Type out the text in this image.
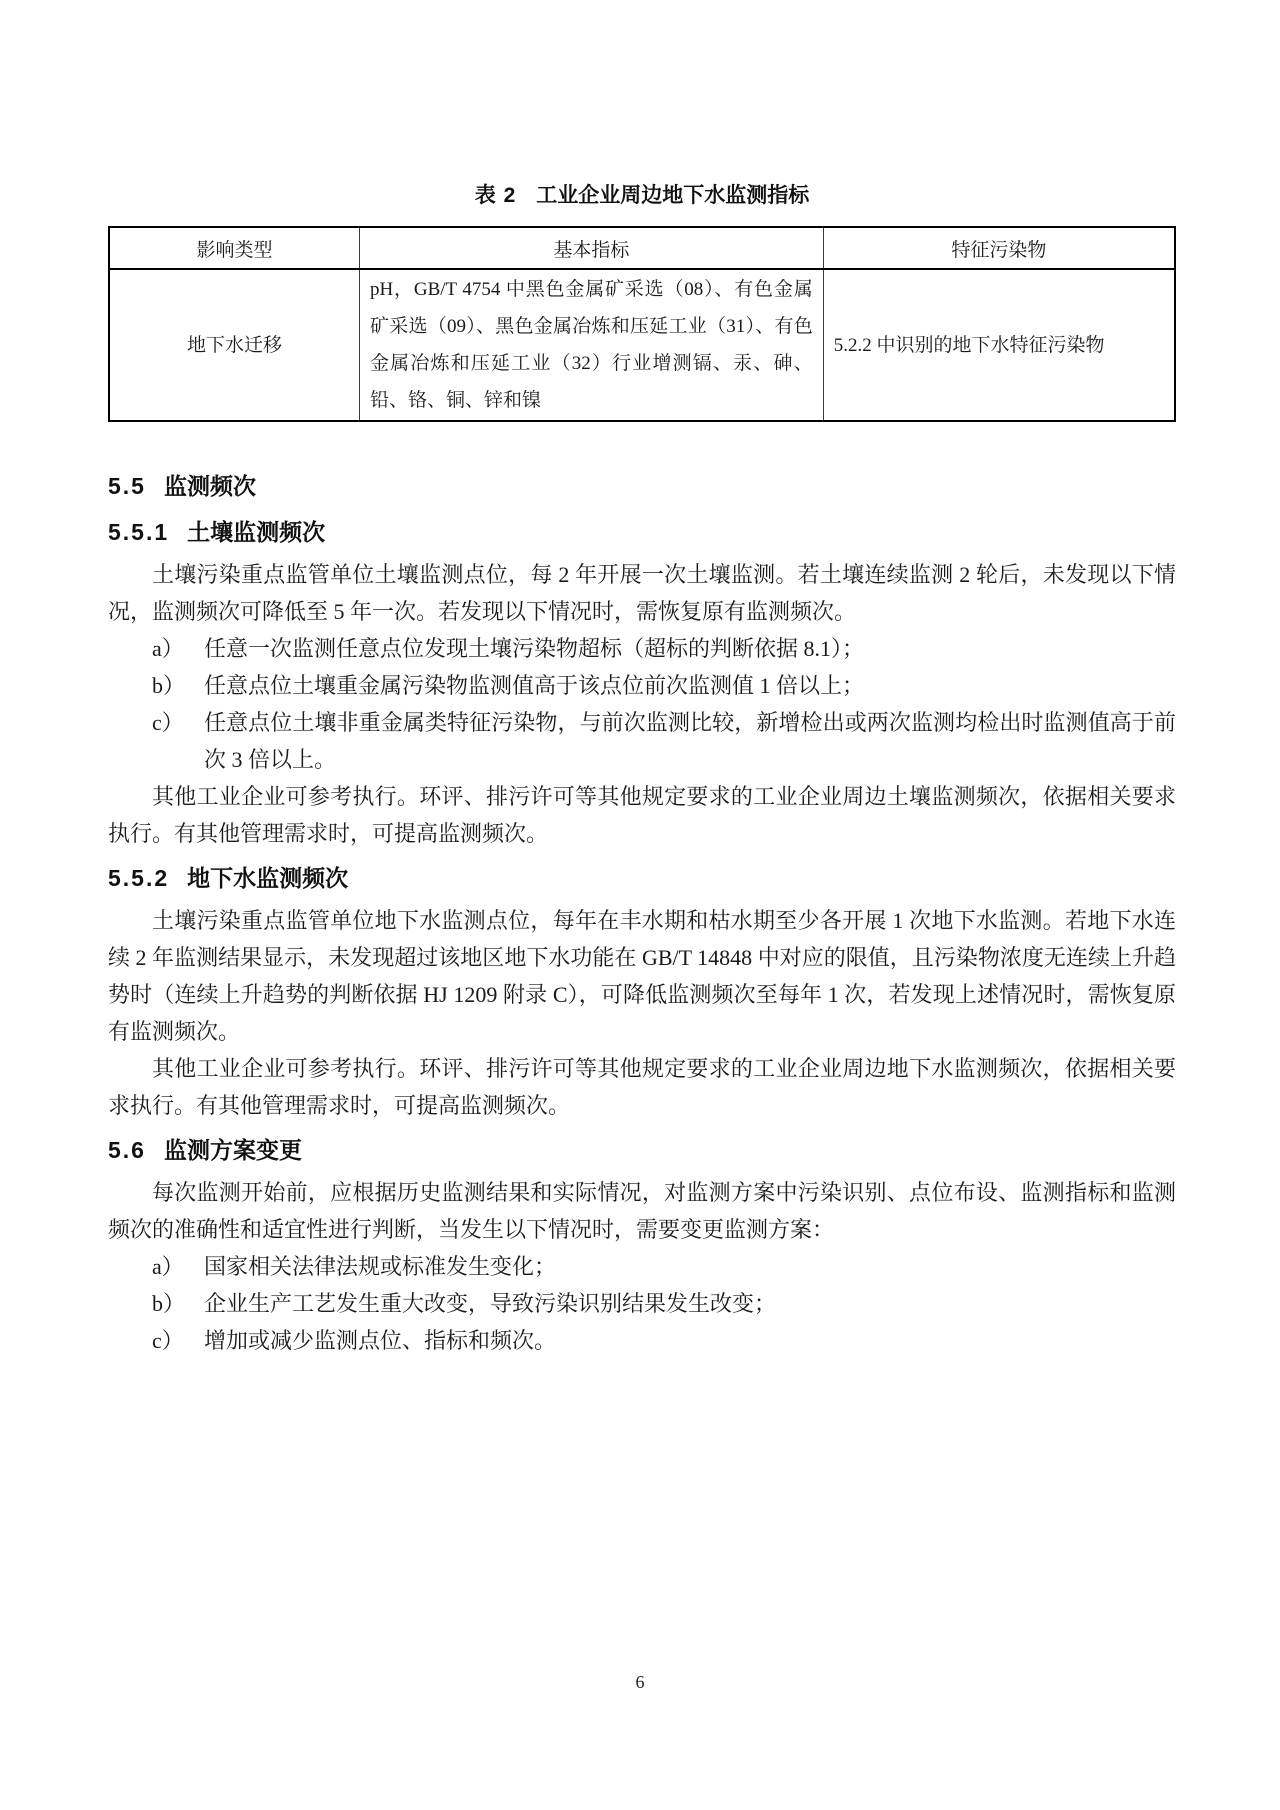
表 2 工业企业周边地下水监测指标
影响类型	基本指标	特征污染物
地下水迁移	pH，GB/T 4754 中黑色金属矿采选（08）、有色金属矿采选（09）、黑色金属冶炼和压延工业（31）、有色金属冶炼和压延工业（32）行业增测镉、汞、砷、铅、铬、铜、锌和镍	5.2.2 中识别的地下水特征污染物
5.5 监测频次
5.5.1 土壤监测频次

土壤污染重点监管单位土壤监测点位，每 2 年开展一次土壤监测。若土壤连续监测 2 轮后，未发现以下情况，监测频次可降低至 5 年一次。若发现以下情况时，需恢复原有监测频次。

a） 任意一次监测任意点位发现土壤污染物超标（超标的判断依据 8.1）；
b） 任意点位土壤重金属污染物监测值高于该点位前次监测值 1 倍以上；
c） 任意点位土壤非重金属类特征污染物，与前次监测比较，新增检出或两次监测均检出时监测值高于前次 3 倍以上。

其他工业企业可参考执行。环评、排污许可等其他规定要求的工业企业周边土壤监测频次，依据相关要求执行。有其他管理需求时，可提高监测频次。

5.5.2 地下水监测频次

土壤污染重点监管单位地下水监测点位，每年在丰水期和枯水期至少各开展 1 次地下水监测。若地下水连续 2 年监测结果显示，未发现超过该地区地下水功能在 GB/T 14848 中对应的限值，且污染物浓度无连续上升趋势时（连续上升趋势的判断依据 HJ 1209 附录 C），可降低监测频次至每年 1 次，若发现上述情况时，需恢复原有监测频次。

其他工业企业可参考执行。环评、排污许可等其他规定要求的工业企业周边地下水监测频次，依据相关要求执行。有其他管理需求时，可提高监测频次。

5.6 监测方案变更

每次监测开始前，应根据历史监测结果和实际情况，对监测方案中污染识别、点位布设、监测指标和监测频次的准确性和适宜性进行判断，当发生以下情况时，需要变更监测方案：

a） 国家相关法律法规或标准发生变化；
b） 企业生产工艺发生重大改变，导致污染识别结果发生改变；
c） 增加或减少监测点位、指标和频次。
6
